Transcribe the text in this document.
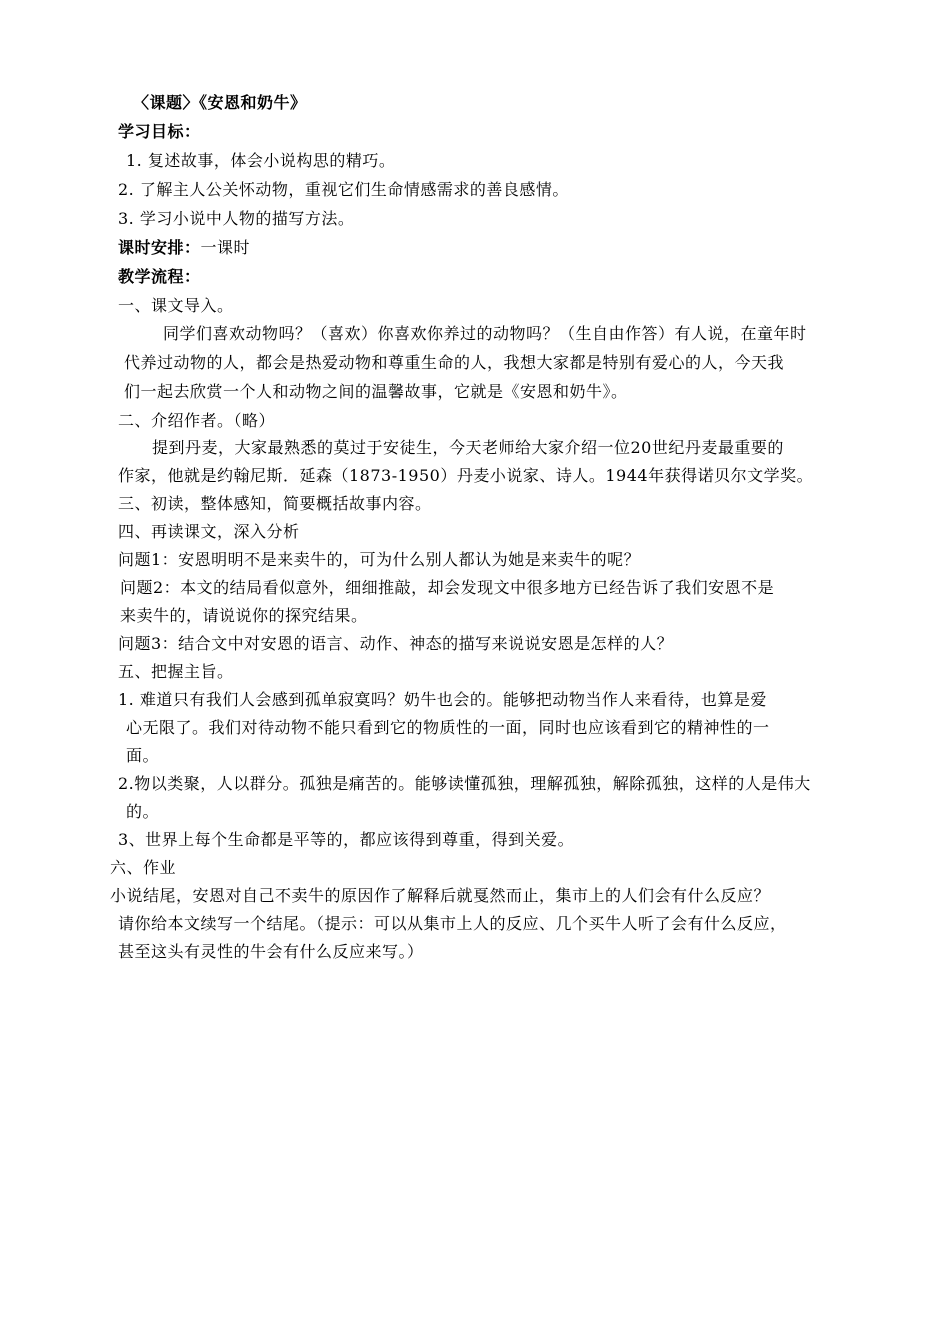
〈课题〉《安恩和奶牛》
学习目标：
1. 复述故事，体会小说构思的精巧。
2. 了解主人公关怀动物，重视它们生命情感需求的善良感情。
3. 学习小说中人物的描写方法。
课时安排：一课时
教学流程：
一、课文导入。
同学们喜欢动物吗？（喜欢）你喜欢你养过的动物吗？（生自由作答）有人说，在童年时
代养过动物的人，都会是热爱动物和尊重生命的人，我想大家都是特别有爱心的人，今天我
们一起去欣赏一个人和动物之间的温馨故事，它就是《安恩和奶牛》。
二、介绍作者。（略）
提到丹麦，大家最熟悉的莫过于安徒生，今天老师给大家介绍一位20世纪丹麦最重要的
作家，他就是约翰尼斯．延森（1873-1950）丹麦小说家、诗人。1944年获得诺贝尔文学奖。
三、初读，整体感知，简要概括故事内容。
四、再读课文，深入分析
问题1：安恩明明不是来卖牛的，可为什么别人都认为她是来卖牛的呢？
问题2：本文的结局看似意外，细细推敲，却会发现文中很多地方已经告诉了我们安恩不是
来卖牛的，请说说你的探究结果。
问题3：结合文中对安恩的语言、动作、神态的描写来说说安恩是怎样的人？
五、把握主旨。
1. 难道只有我们人会感到孤单寂寞吗？奶牛也会的。能够把动物当作人来看待，也算是爱
心无限了。我们对待动物不能只看到它的物质性的一面，同时也应该看到它的精神性的一
面。
2.物以类聚，人以群分。孤独是痛苦的。能够读懂孤独，理解孤独，解除孤独，这样的人是伟大
的。
3、世界上每个生命都是平等的，都应该得到尊重，得到关爱。
六、作业
小说结尾，安恩对自己不卖牛的原因作了解释后就戛然而止，集市上的人们会有什么反应？
请你给本文续写一个结尾。（提示：可以从集市上人的反应、几个买牛人听了会有什么反应，
甚至这头有灵性的牛会有什么反应来写。）
